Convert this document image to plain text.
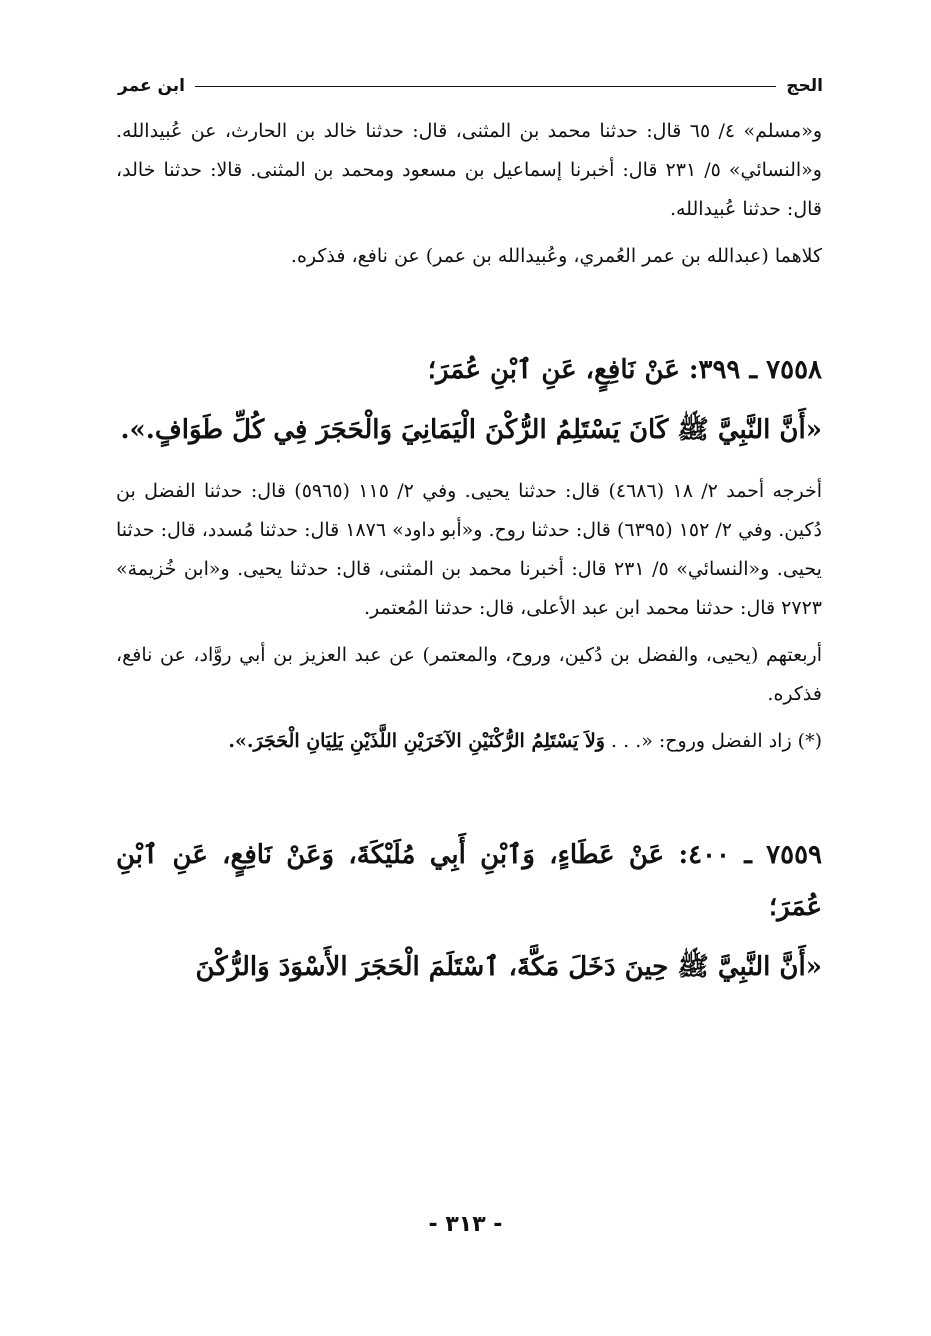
الحج
ابن عمر

و«مسلم» ٤/ ٦٥ قال: حدثنا محمد بن المثنى، قال: حدثنا خالد بن الحارث، عن عُبيدالله. و«النسائي» ٥/ ٢٣١ قال: أخبرنا إسماعيل بن مسعود ومحمد بن المثنى. قالا: حدثنا خالد، قال: حدثنا عُبيدالله.

كلاهما (عبدالله بن عمر العُمري، وعُبيدالله بن عمر) عن نافع، فذكره.

٧٥٥٨ ـ ٣٩٩: عَنْ نَافِعٍ، عَنِ ٱبْنِ عُمَرَ؛

«أَنَّ النَّبِيَّ ﷺ كَانَ يَسْتَلِمُ الرُّكْنَ الْيَمَانِيَ وَالْحَجَرَ فِي كُلِّ طَوَافٍ.».

أخرجه أحمد ٢/ ١٨ (٤٦٨٦) قال: حدثنا يحيى. وفي ٢/ ١١٥ (٥٩٦٥) قال: حدثنا الفضل بن دُكين. وفي ٢/ ١٥٢ (٦٣٩٥) قال: حدثنا روح. و«أبو داود» ١٨٧٦ قال: حدثنا مُسدد، قال: حدثنا يحيى. و«النسائي» ٥/ ٢٣١ قال: أخبرنا محمد بن المثنى، قال: حدثنا يحيى. و«ابن خُزيمة» ٢٧٢٣ قال: حدثنا محمد ابن عبد الأعلى، قال: حدثنا المُعتمر.

أربعتهم (يحيى، والفضل بن دُكين، وروح، والمعتمر) عن عبد العزيز بن أبي روَّاد، عن نافع، فذكره.

(*) زاد الفضل وروح: «. . . وَلاَ يَسْتَلِمُ الرُّكْنَيْنِ الآخَرَيْنِ اللَّذَيْنِ يَلِيَانِ الْحَجَرَ.».

٧٥٥٩ ـ ٤٠٠: عَنْ عَطَاءٍ، وَٱبْنِ أَبِي مُلَيْكَةَ، وَعَنْ نَافِعٍ، عَنِ ٱبْنِ عُمَرَ؛

«أَنَّ النَّبِيَّ ﷺ حِينَ دَخَلَ مَكَّةَ، ٱسْتَلَمَ الْحَجَرَ الأَسْوَدَ وَالرُّكْنَ

- ٣١٣ -
